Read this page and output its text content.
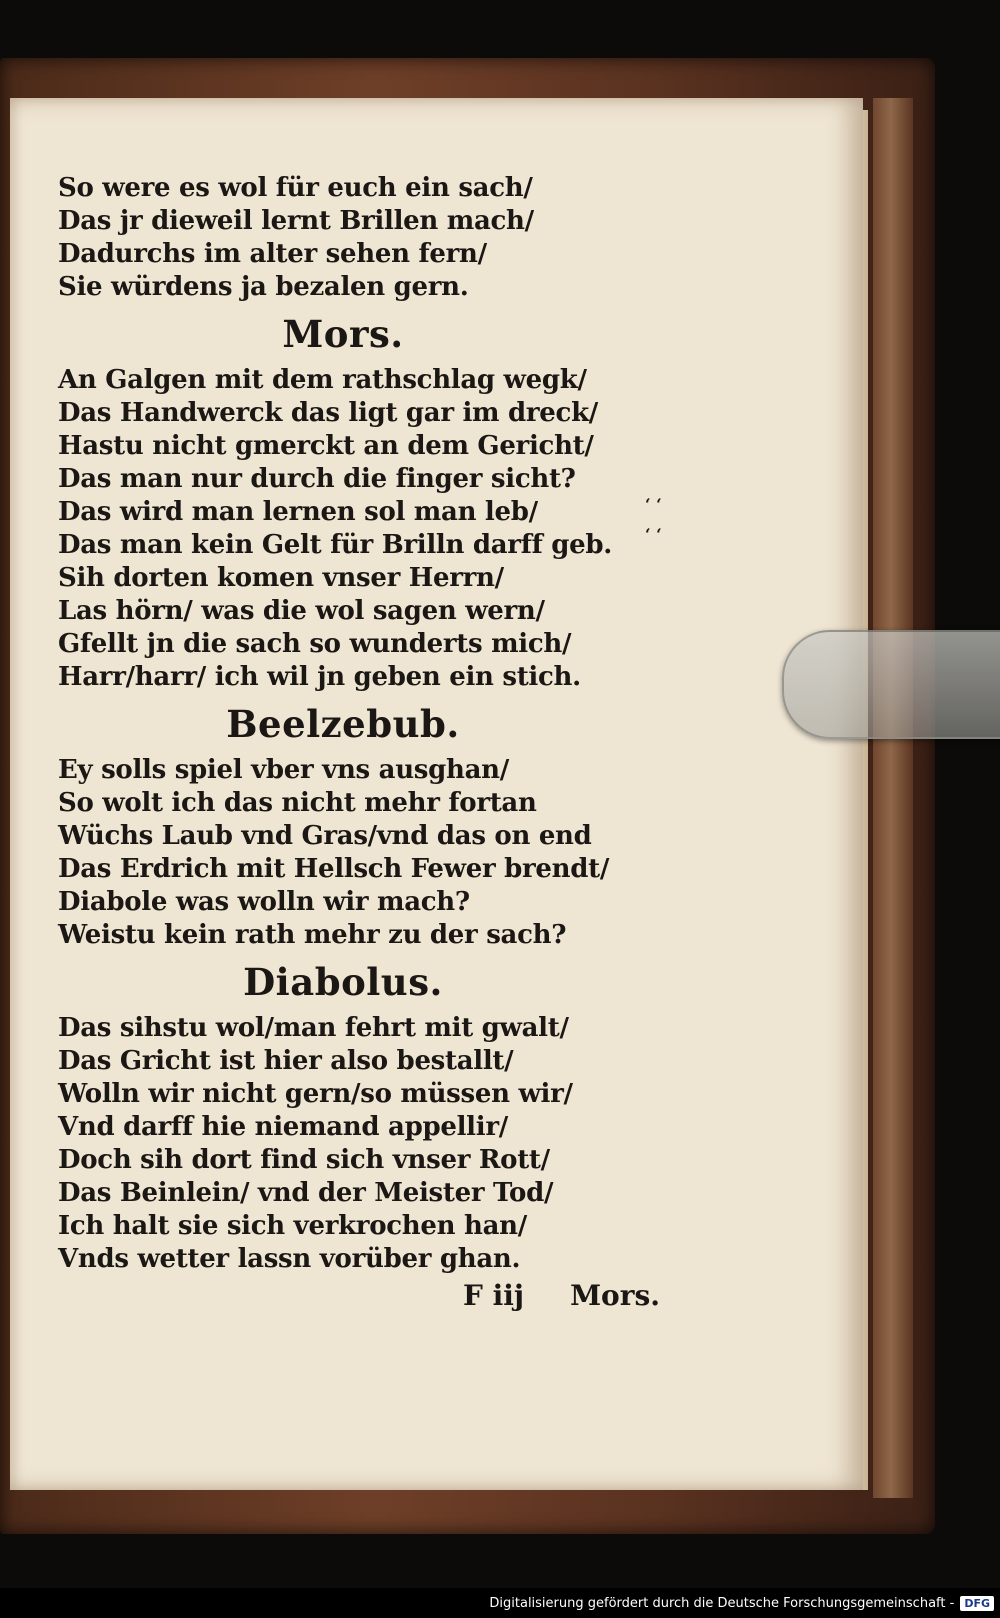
‘ ‘
‘ ‘
So were es wol für euch ein sach/
Das jr dieweil lernt Brillen mach/
Dadurchs im alter sehen fern/
Sie würdens ja bezalen gern.
Mors.
An Galgen mit dem rathschlag wegk/
Das Handwerck das ligt gar im dreck/
Hastu nicht gmerckt an dem Gericht/
Das man nur durch die finger sicht?
Das wird man lernen sol man leb/
Das man kein Gelt für Brilln darff geb.
Sih dorten komen vnser Herrn/
Las hörn/ was die wol sagen wern/
Gfellt jn die sach so wunderts mich/
Harr/harr/ ich wil jn geben ein stich.
Beelzebub.
Ey solls spiel vber vns ausghan/
So wolt ich das nicht mehr fortan
Wüchs Laub vnd Gras/vnd das on end
Das Erdrich mit Hellsch Fewer brendt/
Diabole was wolln wir mach?
Weistu kein rath mehr zu der sach?
Diabolus.
Das sihstu wol/man fehrt mit gwalt/
Das Gricht ist hier also bestallt/
Wolln wir nicht gern/so müssen wir/
Vnd darff hie niemand appellir/
Doch sih dort find sich vnser Rott/
Das Beinlein/ vnd der Meister Tod/
Ich halt sie sich verkrochen han/
Vnds wetter lassn vorüber ghan.
F iij Mors.
Digitalisierung gefördert durch die Deutsche Forschungsgemeinschaft - DFG
